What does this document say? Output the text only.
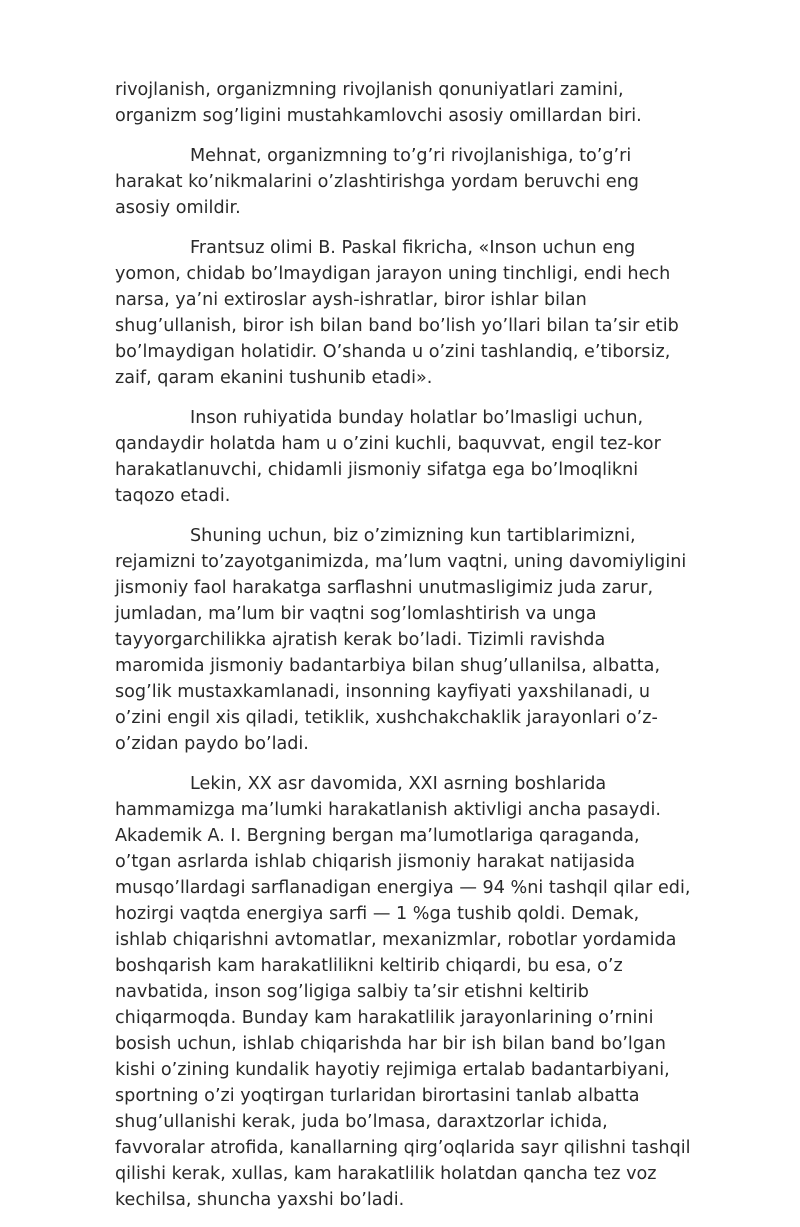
rivojlanish, organizmning rivojlanish qonuniyatlari zamini, organizm sog’ligini mustahkamlovchi asosiy omillardan biri.

Mehnat, organizmning to’g’ri rivojlanishiga, to’g’ri harakat ko’nikmalarini o’zlashtirishga yordam beruvchi eng asosiy omildir.

Frantsuz olimi B. Paskal fikricha, «Inson uchun eng yomon, chidab bo’lmaydigan jarayon uning tinchligi, endi hech narsa, ya’ni extiroslar aysh-ishratlar, biror ishlar bilan shug’ullanish, biror ish bilan band bo’lish yo’llari bilan ta’sir etib bo’lmaydigan holatidir. O’shanda u o’zini tashlandiq, e’tiborsiz, zaif, qaram ekanini tushunib etadi».

Inson ruhiyatida bunday holatlar bo’lmasligi uchun, qandaydir holatda ham u o’zini kuchli, baquvvat, engil tez-kor harakatlanuvchi, chidamli jismoniy sifatga ega bo’lmoqlikni taqozo etadi.

Shuning uchun, biz o’zimizning kun tartiblarimizni, rejamizni to’zayotganimizda, ma’lum vaqtni, uning davomiyligini jismoniy faol harakatga sarflashni unutmasligimiz juda zarur, jumladan, ma’lum bir vaqtni sog’lomlashtirish va unga tayyorgarchilikka ajratish kerak bo’ladi. Tizimli ravishda maromida jismoniy badantarbiya bilan shug’ullanilsa, albatta, sog’lik mustaxkamlanadi, insonning kayfiyati yaxshilanadi, u o’zini engil xis qiladi, tetiklik, xushchakchaklik jarayonlari o’z-o’zidan paydo bo’ladi.

Lekin, XX asr davomida, XXI asrning boshlarida hammamizga ma’lumki harakatlanish aktivligi ancha pasaydi. Akademik A. I. Bergning bergan ma’lumotlariga qaraganda, o’tgan asrlarda ishlab chiqarish jismoniy harakat natijasida musqo’llardagi sarflanadigan energiya — 94 %ni tashqil qilar edi, hozirgi vaqtda energiya sarfi — 1 %ga tushib qoldi. Demak, ishlab chiqarishni avtomatlar, mexanizmlar, robotlar yordamida boshqarish kam harakatlilikni keltirib chiqardi, bu esa, o’z navbatida, inson sog’ligiga salbiy ta’sir etishni keltirib chiqarmoqda. Bunday kam harakatlilik jarayonlarining o’rnini bosish uchun, ishlab chiqarishda har bir ish bilan band bo’lgan kishi o’zining kundalik hayotiy rejimiga ertalab badantarbiyani, sportning o’zi yoqtirgan turlaridan birortasini tanlab albatta shug’ullanishi kerak, juda bo’lmasa, daraxtzorlar ichida, favvoralar atrofida, kanallarning qirg’oqlarida sayr qilishni tashqil qilishi kerak, xullas, kam harakatlilik holatdan qancha tez voz kechilsa, shuncha yaxshi bo’ladi.
